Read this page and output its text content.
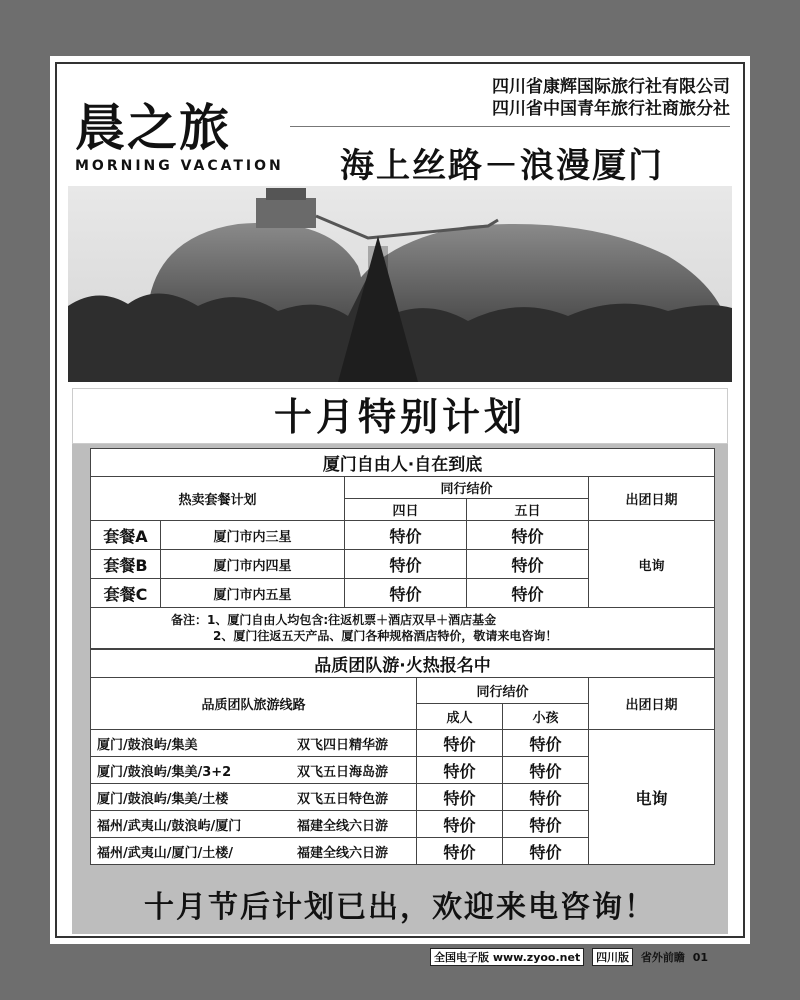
晨之旅
MORNING VACATION
四川省康辉国际旅行社有限公司
四川省中国青年旅行社商旅分社
海上丝路－浪漫厦门
十月特别计划
厦门自由人·自在到底				
热卖套餐计划		同行结价		出团日期
		四日	五日	
套餐A	厦门市内三星	特价	特价	电询
套餐B	厦门市内四星	特价	特价	
套餐C	厦门市内五星	特价	特价	

备注：1、厦门自由人均包含:往返机票＋酒店双早＋酒店基金
2、厦门往返五天产品、厦门各种规格酒店特价，敬请来电咨询！				
品质团队游·火热报名中			
品质团队旅游线路	同行结价		出团日期
	成人	小孩	
厦门/鼓浪屿/集美 双飞四日精华游	特价	特价	电询
厦门/鼓浪屿/集美/3+2 双飞五日海岛游	特价	特价	
厦门/鼓浪屿/集美/土楼 双飞五日特色游	特价	特价	
福州/武夷山/鼓浪屿/厦门 福建全线六日游	特价	特价	
福州/武夷山/厦门/土楼/ 福建全线六日游	特价	特价	
十月节后计划已出，欢迎来电咨询！
全国电子版 www.zyoo.net 四川版 省外前瞻 01
